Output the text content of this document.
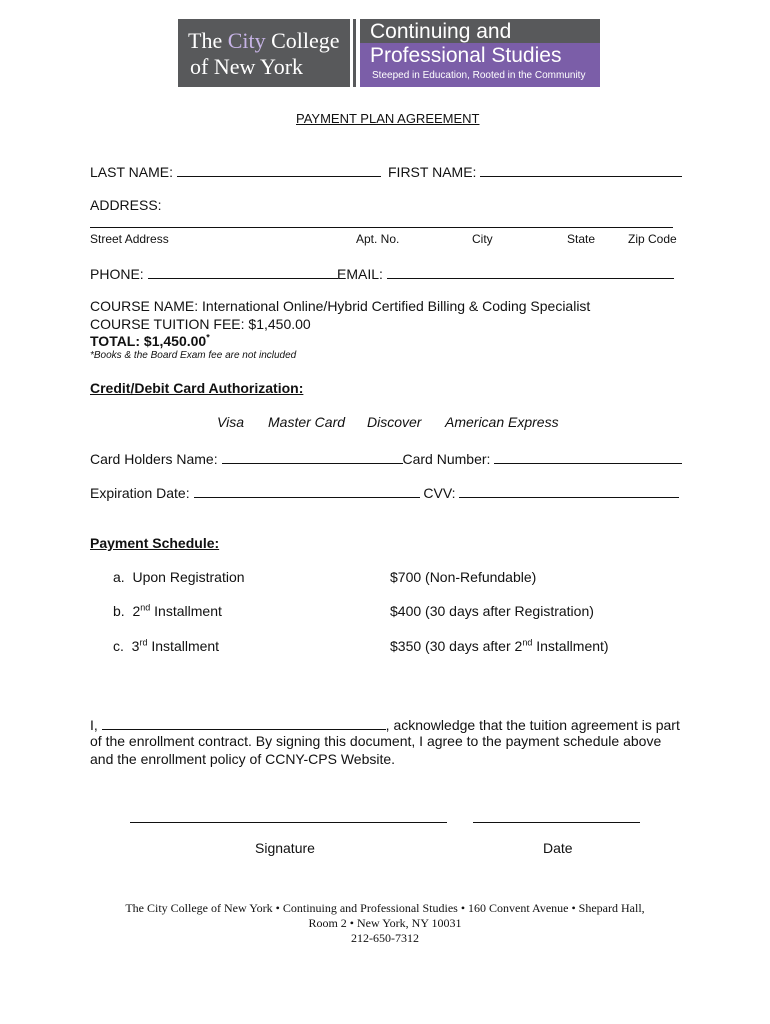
The City College
of New York
Continuing and
Professional Studies
Steeped in Education, Rooted in the Community
PAYMENT PLAN AGREEMENT
LAST NAME:	FIRST NAME:
ADDRESS:
Street Address	Apt. No.	City	State	Zip Code
PHONE:	EMAIL:
COURSE NAME: International Online/Hybrid Certified Billing & Coding Specialist
COURSE TUITION FEE: $1,450.00
TOTAL: $1,450.00*
*Books & the Board Exam fee are not included
Credit/Debit Card Authorization:
Visa Master Card Discover American Express
Card Holders Name:	Card Number:
Expiration Date:	CVV:
Payment Schedule:
a. Upon Registration	$700 (Non-Refundable)
b. 2nd Installment	$400 (30 days after Registration)
c. 3rd Installment	$350 (30 days after 2nd Installment)
I,	, acknowledge that the tuition agreement is part
of the enrollment contract. By signing this document, I agree to the payment schedule above
and the enrollment policy of CCNY-CPS Website.
Signature	Date
The City College of New York • Continuing and Professional Studies • 160 Convent Avenue • Shepard Hall,
Room 2 • New York, NY 10031
212-650-7312
